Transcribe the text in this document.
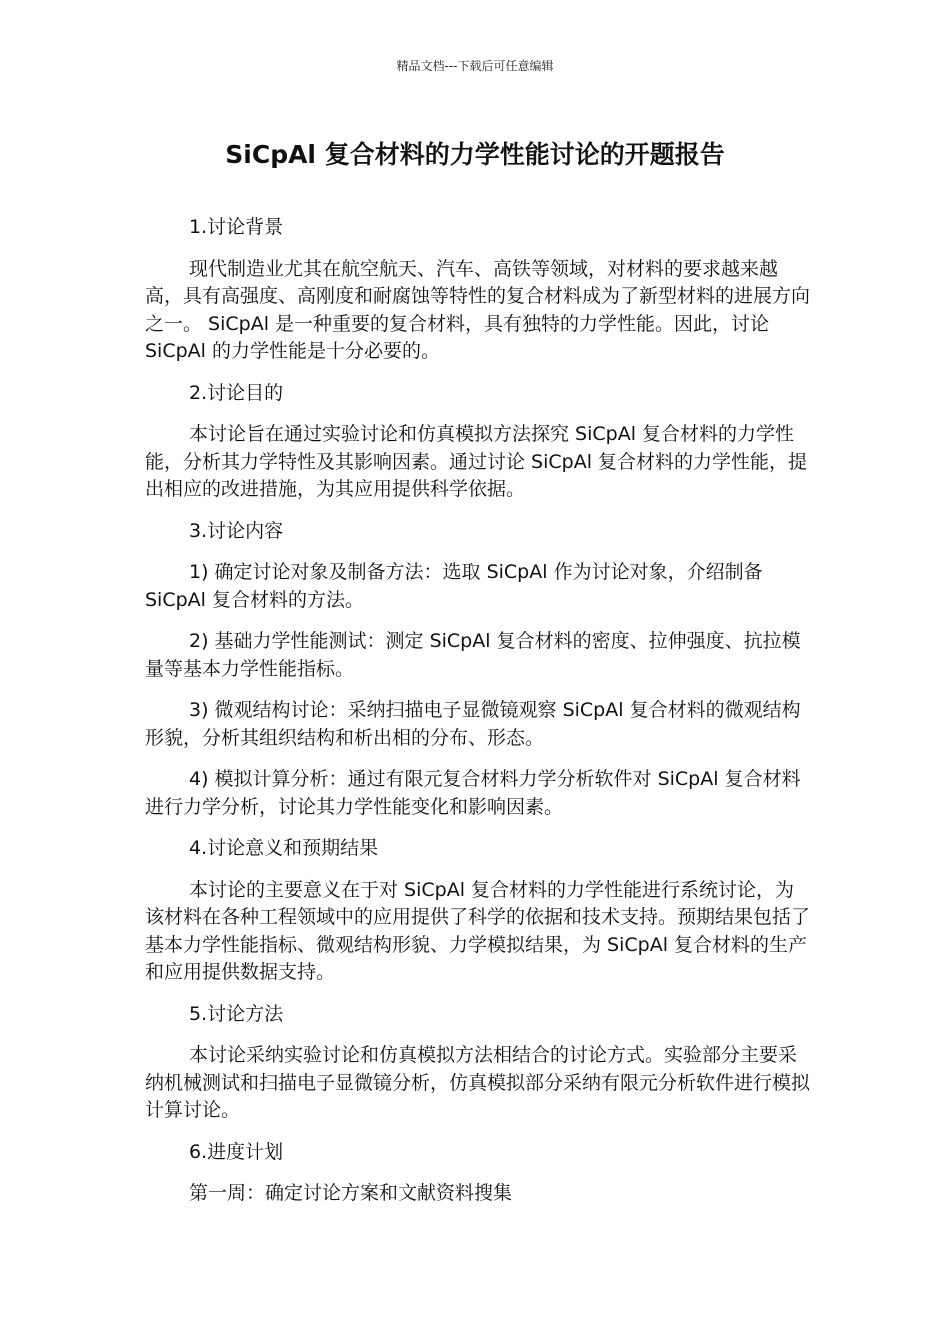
精品文档---下载后可任意编辑
SiCpAl 复合材料的力学性能讨论的开题报告

1.讨论背景

现代制造业尤其在航空航天、汽车、高铁等领域，对材料的要求越来越高，具有高强度、高刚度和耐腐蚀等特性的复合材料成为了新型材料的进展方向之一。 SiCpAl 是一种重要的复合材料，具有独特的力学性能。因此，讨论 SiCpAl 的力学性能是十分必要的。

2.讨论目的

本讨论旨在通过实验讨论和仿真模拟方法探究 SiCpAl 复合材料的力学性能，分析其力学特性及其影响因素。通过讨论 SiCpAl 复合材料的力学性能，提出相应的改进措施，为其应用提供科学依据。

3.讨论内容

1) 确定讨论对象及制备方法：选取 SiCpAl 作为讨论对象，介绍制备 SiCpAl 复合材料的方法。

2) 基础力学性能测试：测定 SiCpAl 复合材料的密度、拉伸强度、抗拉模量等基本力学性能指标。

3) 微观结构讨论：采纳扫描电子显微镜观察 SiCpAl 复合材料的微观结构形貌，分析其组织结构和析出相的分布、形态。

4) 模拟计算分析：通过有限元复合材料力学分析软件对 SiCpAl 复合材料进行力学分析，讨论其力学性能变化和影响因素。

4.讨论意义和预期结果

本讨论的主要意义在于对 SiCpAl 复合材料的力学性能进行系统讨论，为该材料在各种工程领域中的应用提供了科学的依据和技术支持。预期结果包括了基本力学性能指标、微观结构形貌、力学模拟结果，为 SiCpAl 复合材料的生产和应用提供数据支持。

5.讨论方法

本讨论采纳实验讨论和仿真模拟方法相结合的讨论方式。实验部分主要采纳机械测试和扫描电子显微镜分析，仿真模拟部分采纳有限元分析软件进行模拟计算讨论。

6.进度计划

第一周：确定讨论方案和文献资料搜集
